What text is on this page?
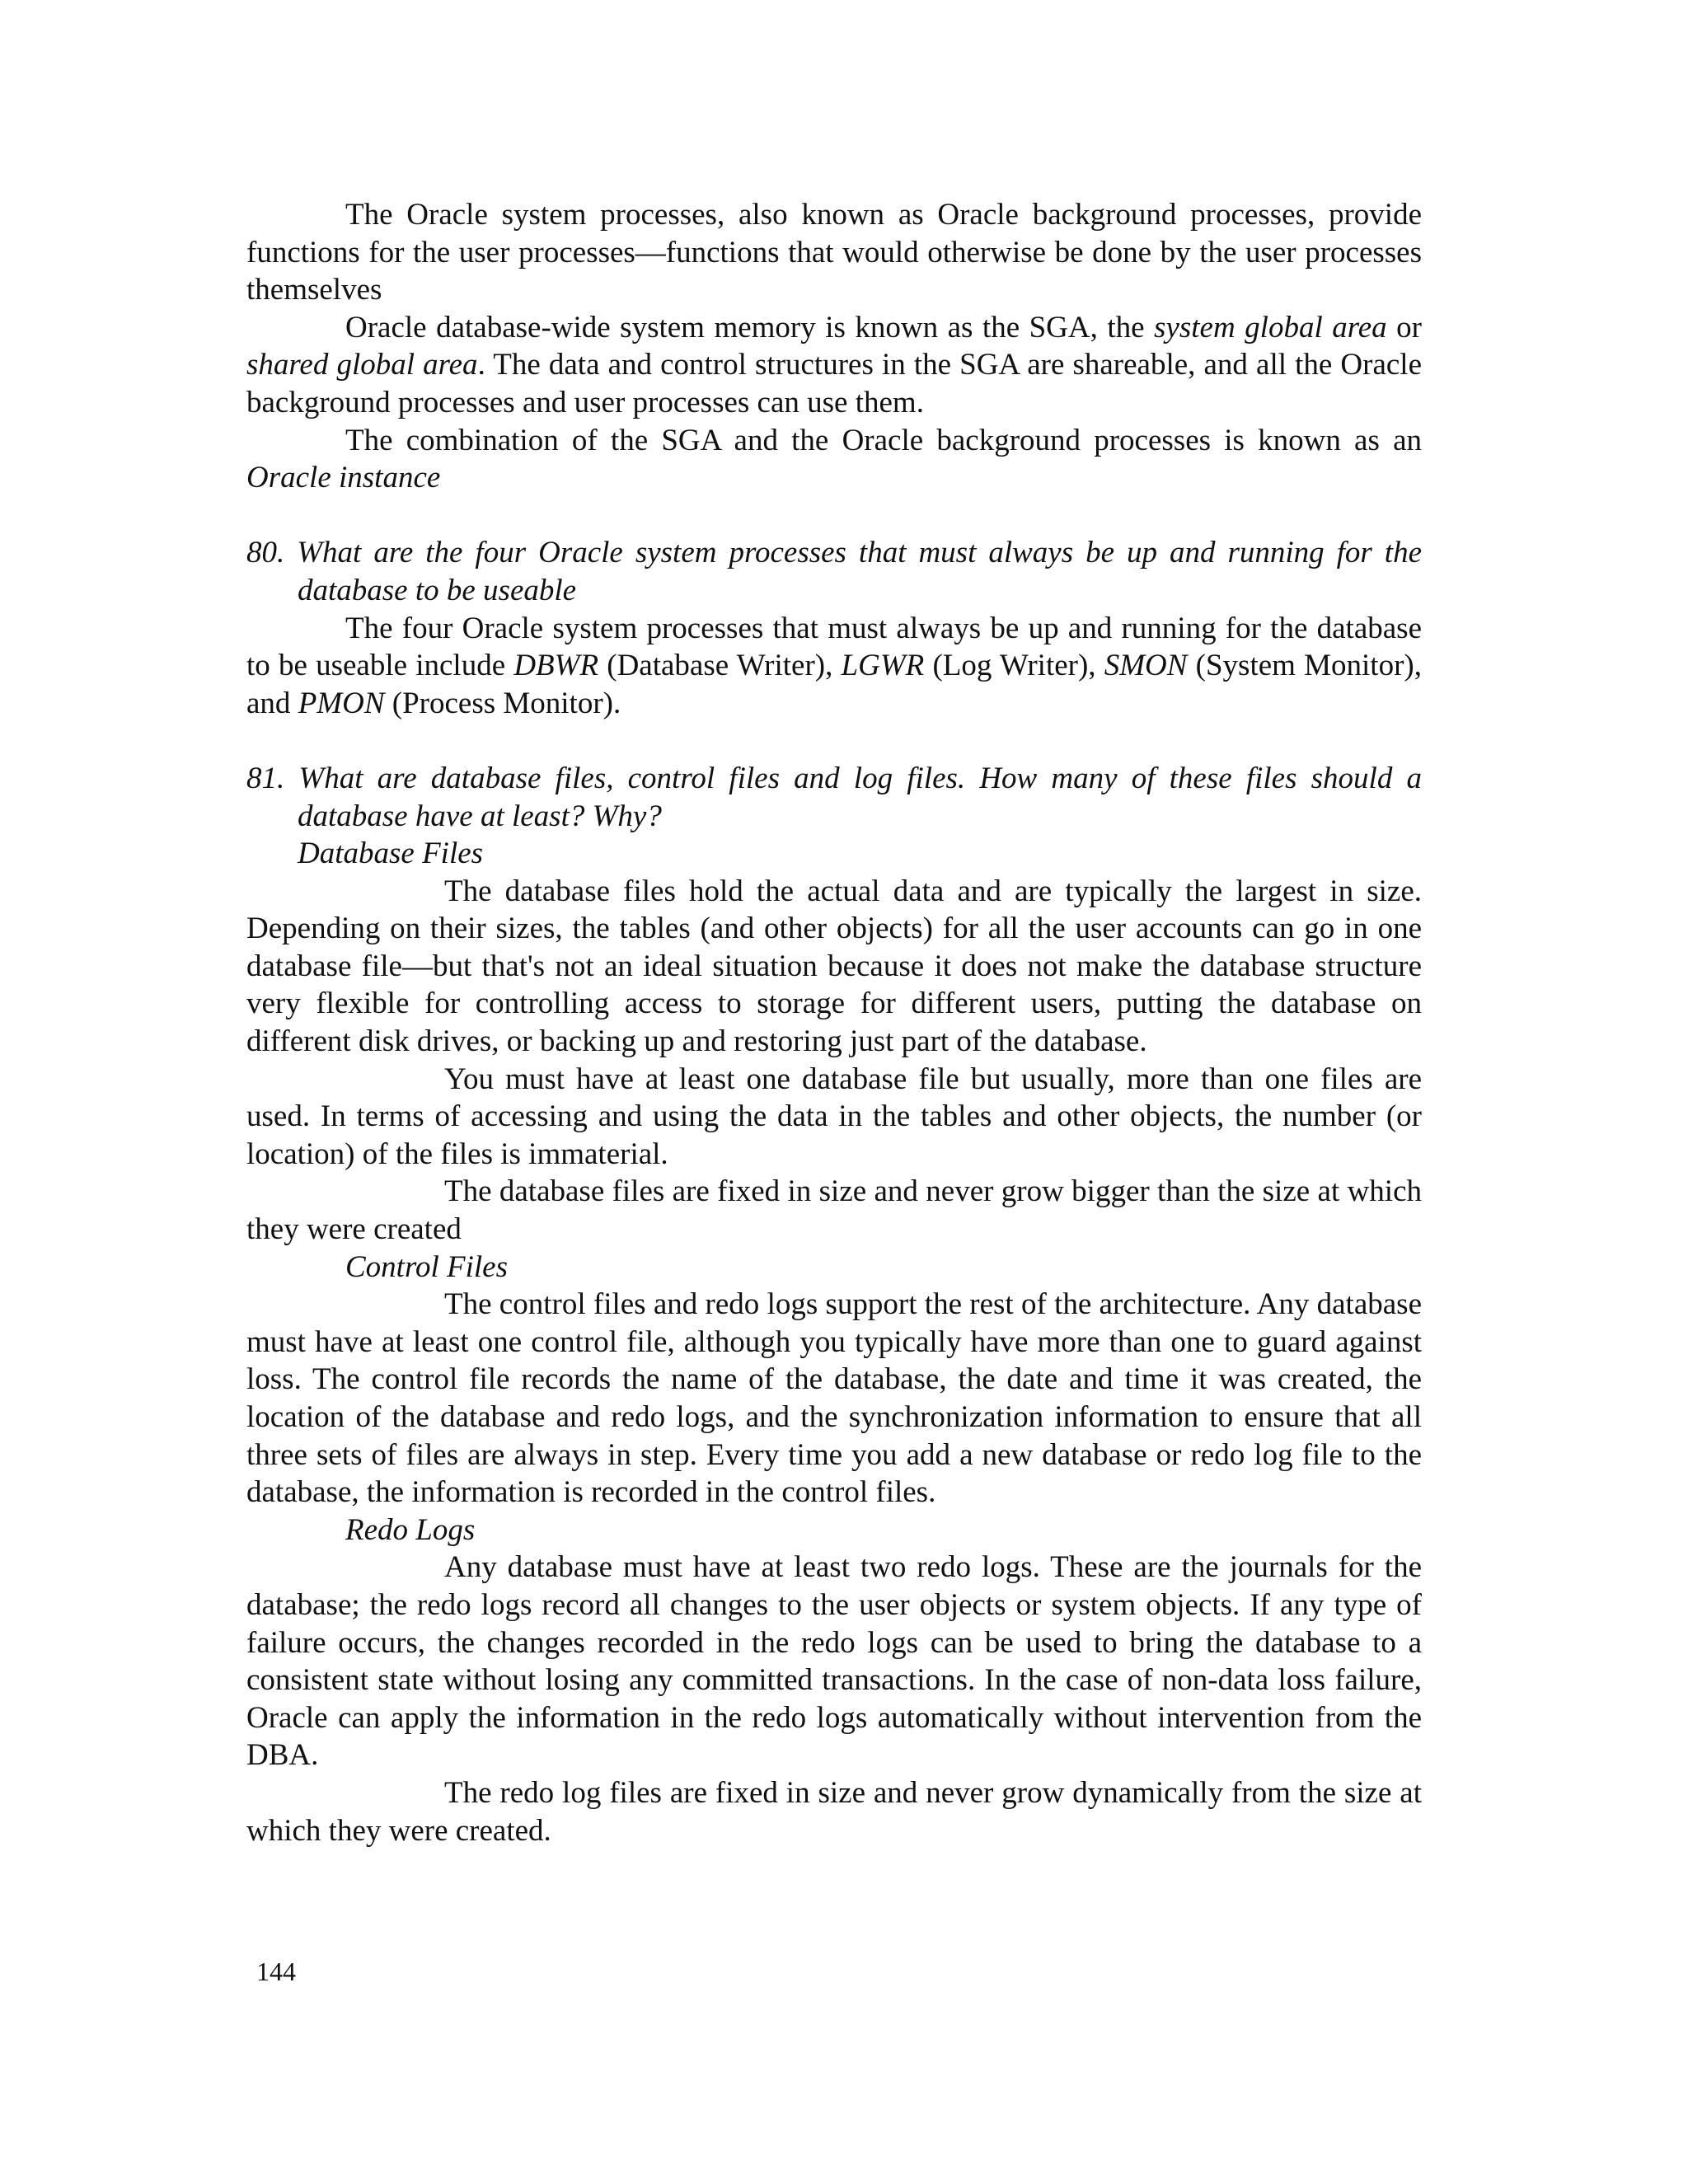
The Oracle system processes, also known as Oracle background processes, provide functions for the user processes—functions that would otherwise be done by the user processes themselves

Oracle database-wide system memory is known as the SGA, the system global area or shared global area. The data and control structures in the SGA are shareable, and all the Oracle background processes and user processes can use them.

The combination of the SGA and the Oracle background processes is known as an Oracle instance

80. What are the four Oracle system processes that must always be up and running for the database to be useable

The four Oracle system processes that must always be up and running for the database to be useable include DBWR (Database Writer), LGWR (Log Writer), SMON (System Monitor), and PMON (Process Monitor).

81. What are database files, control files and log files. How many of these files should a database have at least? Why?

Database Files

The database files hold the actual data and are typically the largest in size. Depending on their sizes, the tables (and other objects) for all the user accounts can go in one database file—but that's not an ideal situation because it does not make the database structure very flexible for controlling access to storage for different users, putting the database on different disk drives, or backing up and restoring just part of the database.

You must have at least one database file but usually, more than one files are used. In terms of accessing and using the data in the tables and other objects, the number (or location) of the files is immaterial.

The database files are fixed in size and never grow bigger than the size at which they were created

Control Files

The control files and redo logs support the rest of the architecture. Any database must have at least one control file, although you typically have more than one to guard against loss. The control file records the name of the database, the date and time it was created, the location of the database and redo logs, and the synchronization information to ensure that all three sets of files are always in step. Every time you add a new database or redo log file to the database, the information is recorded in the control files.

Redo Logs

Any database must have at least two redo logs. These are the journals for the database; the redo logs record all changes to the user objects or system objects. If any type of failure occurs, the changes recorded in the redo logs can be used to bring the database to a consistent state without losing any committed transactions. In the case of non-data loss failure, Oracle can apply the information in the redo logs automatically without intervention from the DBA.

The redo log files are fixed in size and never grow dynamically from the size at which they were created.

144
